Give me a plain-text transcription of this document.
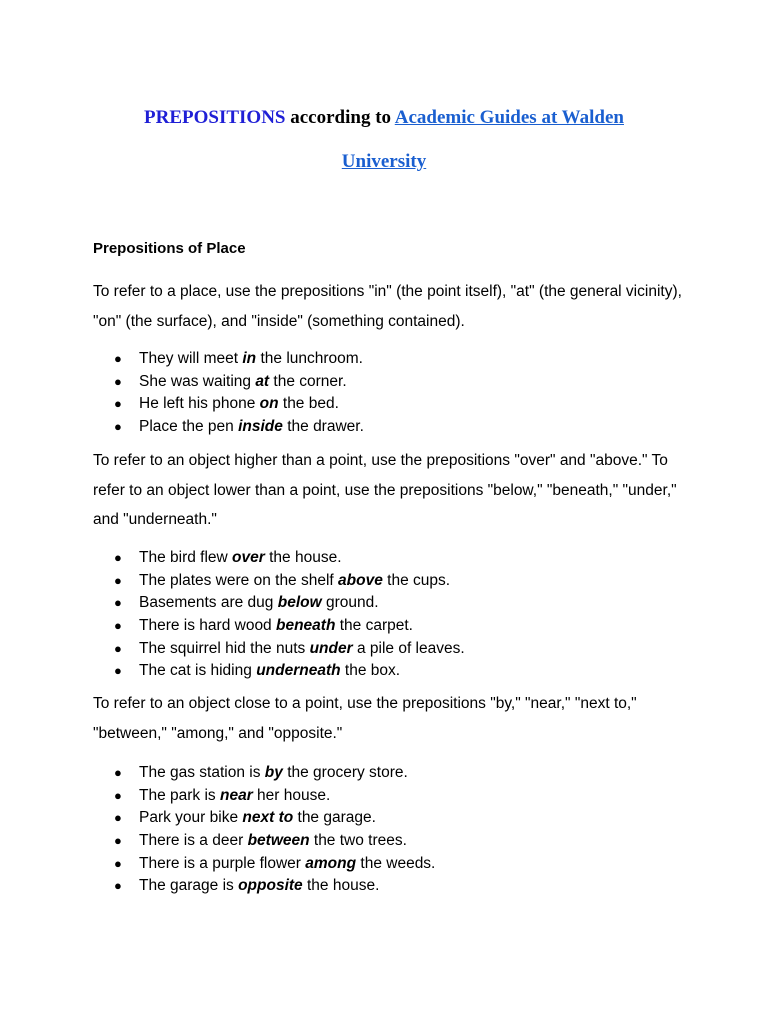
PREPOSITIONS according to Academic Guides at Walden
University
Prepositions of Place
To refer to a place, use the prepositions "in" (the point itself), "at" (the general vicinity), "on" (the surface), and "inside" (something contained).
● They will meet in the lunchroom.
● She was waiting at the corner.
● He left his phone on the bed.
● Place the pen inside the drawer.
To refer to an object higher than a point, use the prepositions "over" and "above." To refer to an object lower than a point, use the prepositions "below," "beneath," "under," and "underneath."
● The bird flew over the house.
● The plates were on the shelf above the cups.
● Basements are dug below ground.
● There is hard wood beneath the carpet.
● The squirrel hid the nuts under a pile of leaves.
● The cat is hiding underneath the box.
To refer to an object close to a point, use the prepositions "by," "near," "next to," "between," "among," and "opposite."
● The gas station is by the grocery store.
● The park is near her house.
● Park your bike next to the garage.
● There is a deer between the two trees.
● There is a purple flower among the weeds.
● The garage is opposite the house.
